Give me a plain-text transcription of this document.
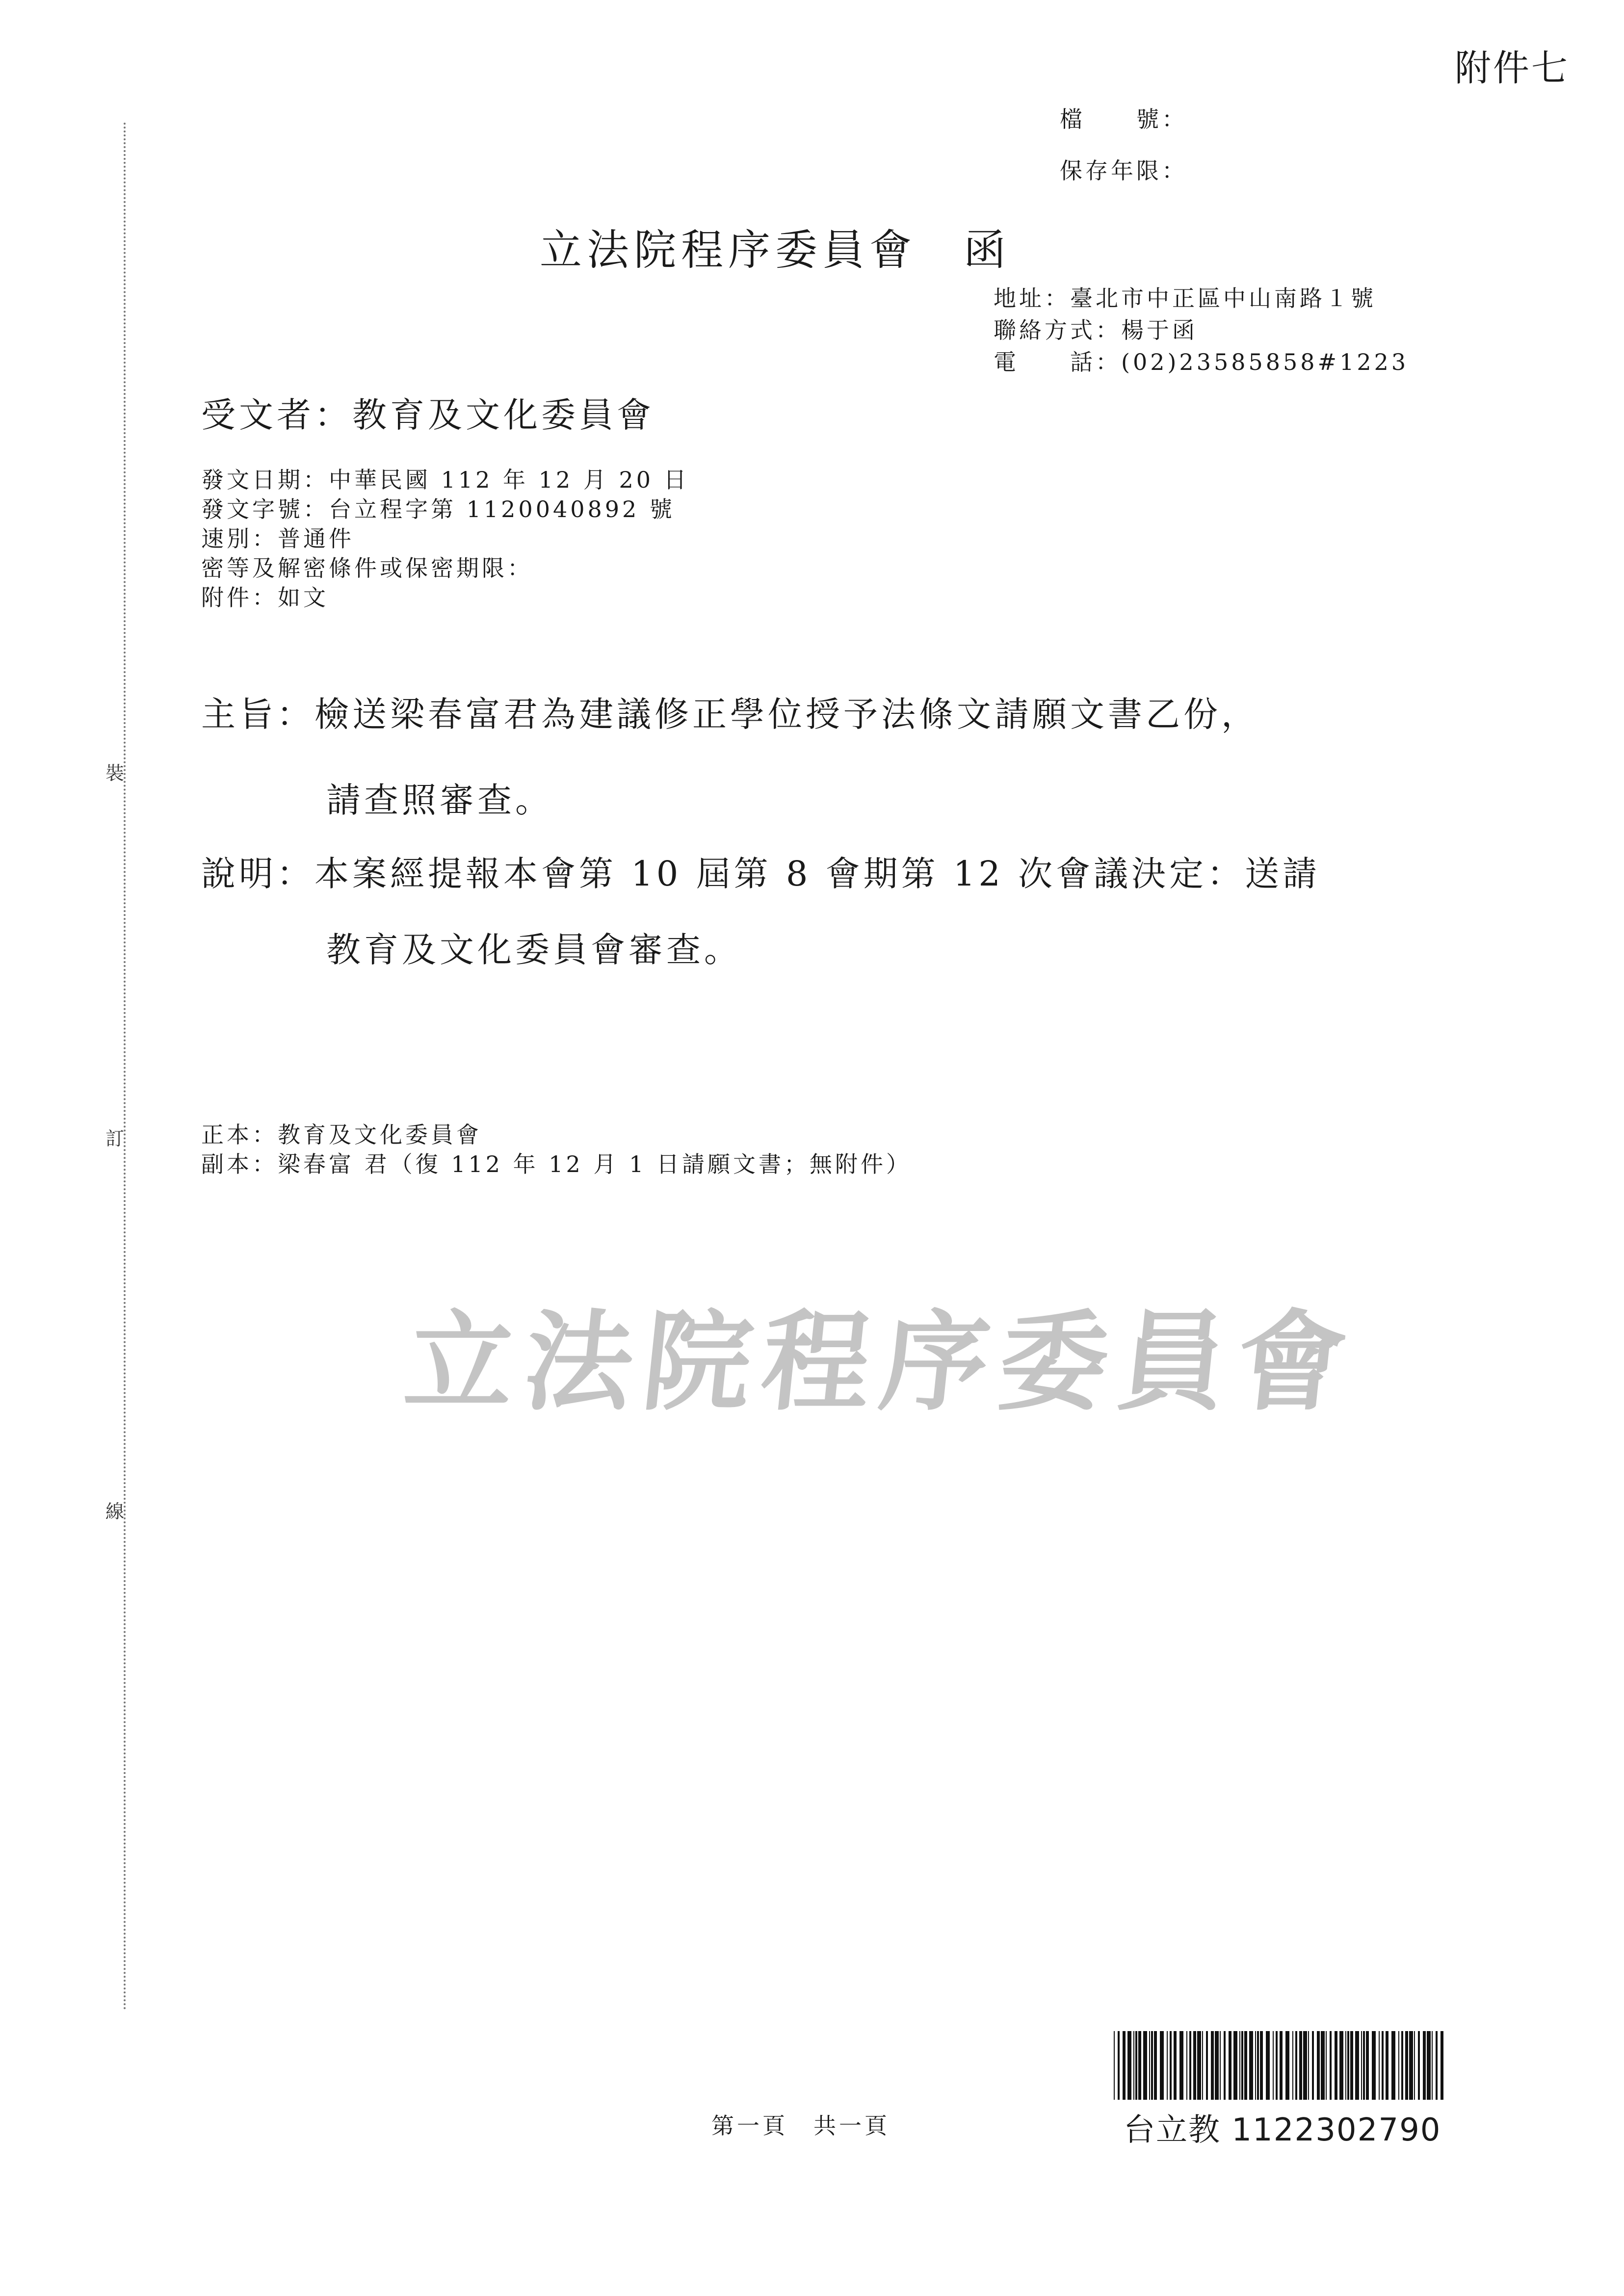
附件七
檔　　號：
保存年限：
立法院程序委員會　函
地址：臺北市中正區中山南路１號
聯絡方式：楊于函
電　　話：(02)23585858#1223
裝
訂
線
受文者：教育及文化委員會
發文日期：中華民國 112 年 12 月 20 日
發文字號：台立程字第 1120040892 號
速別：普通件
密等及解密條件或保密期限：
附件：如文
主旨：檢送梁春富君為建議修正學位授予法條文請願文書乙份，
請查照審查。
說明：本案經提報本會第 10 屆第 8 會期第 12 次會議決定：送請
教育及文化委員會審查。
正本：教育及文化委員會
副本：梁春富 君（復 112 年 12 月 1 日請願文書；無附件）
立法院程序委員會
第一頁　共一頁	台立教 1122302790
